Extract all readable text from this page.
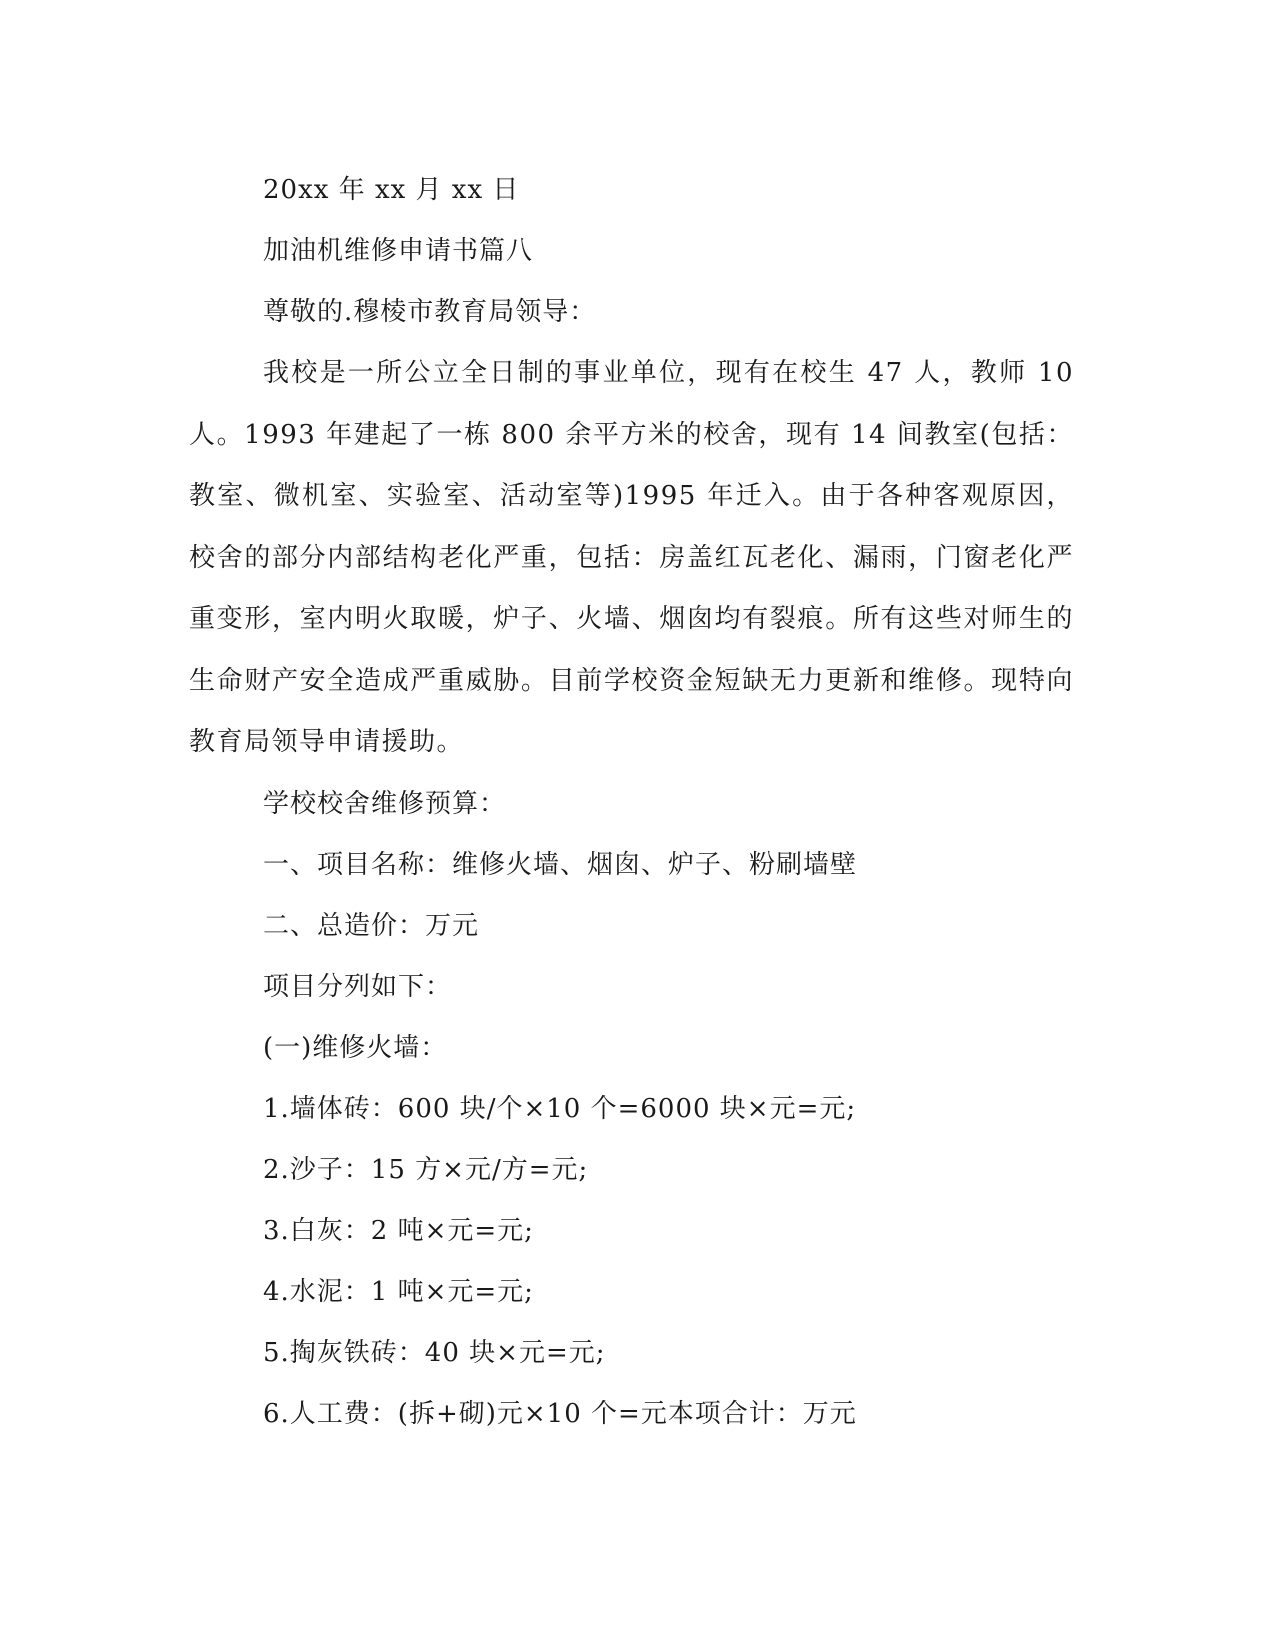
20xx 年 xx 月 xx 日
加油机维修申请书篇八
尊敬的.穆棱市教育局领导：

我校是一所公立全日制的事业单位，现有在校生 47 人，教师 10 人。1993 年建起了一栋 800 余平方米的校舍，现有 14 间教室(包括：教室、微机室、实验室、活动室等)1995 年迁入。由于各种客观原因，校舍的部分内部结构老化严重，包括：房盖红瓦老化、漏雨，门窗老化严重变形，室内明火取暖，炉子、火墙、烟囱均有裂痕。所有这些对师生的生命财产安全造成严重威胁。目前学校资金短缺无力更新和维修。现特向教育局领导申请援助。

学校校舍维修预算：
一、项目名称：维修火墙、烟囱、炉子、粉刷墙壁
二、总造价：万元
项目分列如下：
(一)维修火墙：
1.墙体砖：600 块/个×10 个=6000 块×元=元;
2.沙子：15 方×元/方=元;
3.白灰：2 吨×元=元;
4.水泥：1 吨×元=元;
5.掏灰铁砖：40 块×元=元;
6.人工费：(拆+砌)元×10 个=元本项合计：万元
